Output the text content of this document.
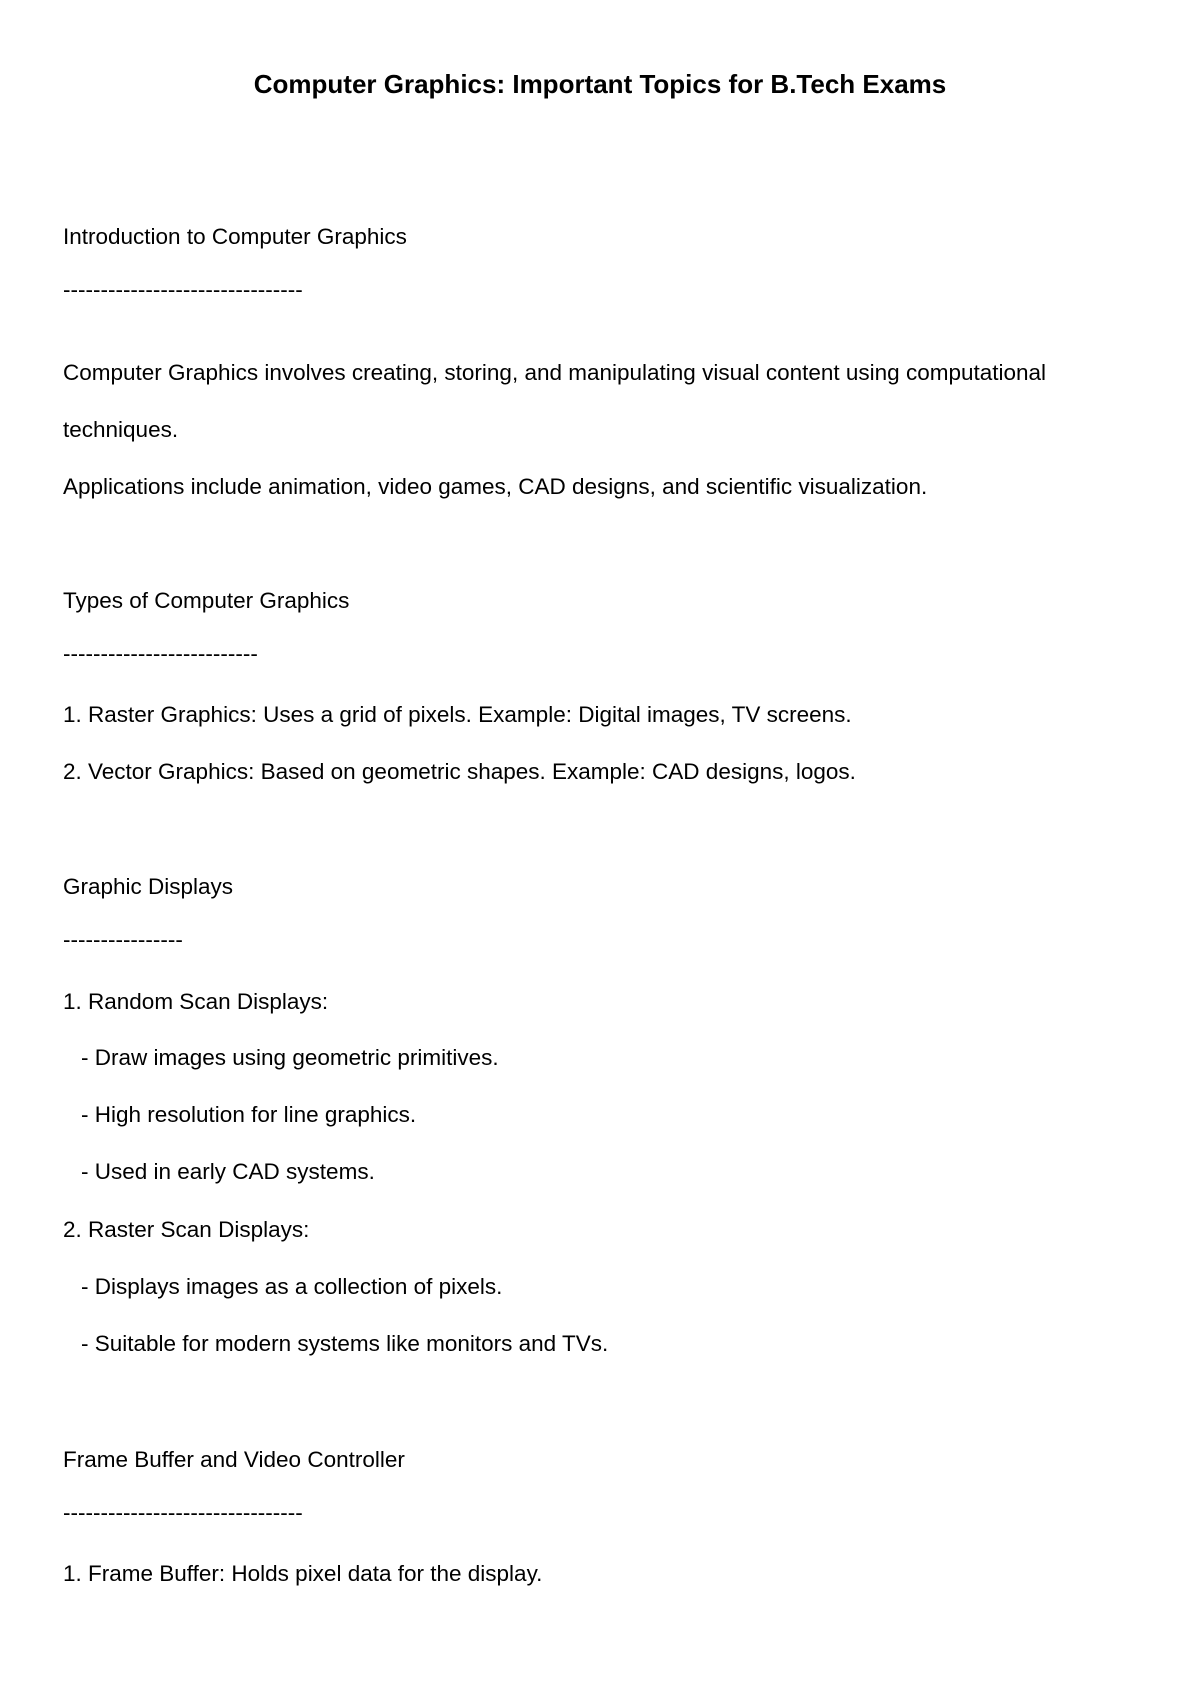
Computer Graphics: Important Topics for B.Tech Exams
Introduction to Computer Graphics
--------------------------------
Computer Graphics involves creating, storing, and manipulating visual content using computational
techniques.
Applications include animation, video games, CAD designs, and scientific visualization.
Types of Computer Graphics
--------------------------
1. Raster Graphics: Uses a grid of pixels. Example: Digital images, TV screens.
2. Vector Graphics: Based on geometric shapes. Example: CAD designs, logos.
Graphic Displays
----------------
1. Random Scan Displays:
- Draw images using geometric primitives.
- High resolution for line graphics.
- Used in early CAD systems.
2. Raster Scan Displays:
- Displays images as a collection of pixels.
- Suitable for modern systems like monitors and TVs.
Frame Buffer and Video Controller
--------------------------------
1. Frame Buffer: Holds pixel data for the display.
